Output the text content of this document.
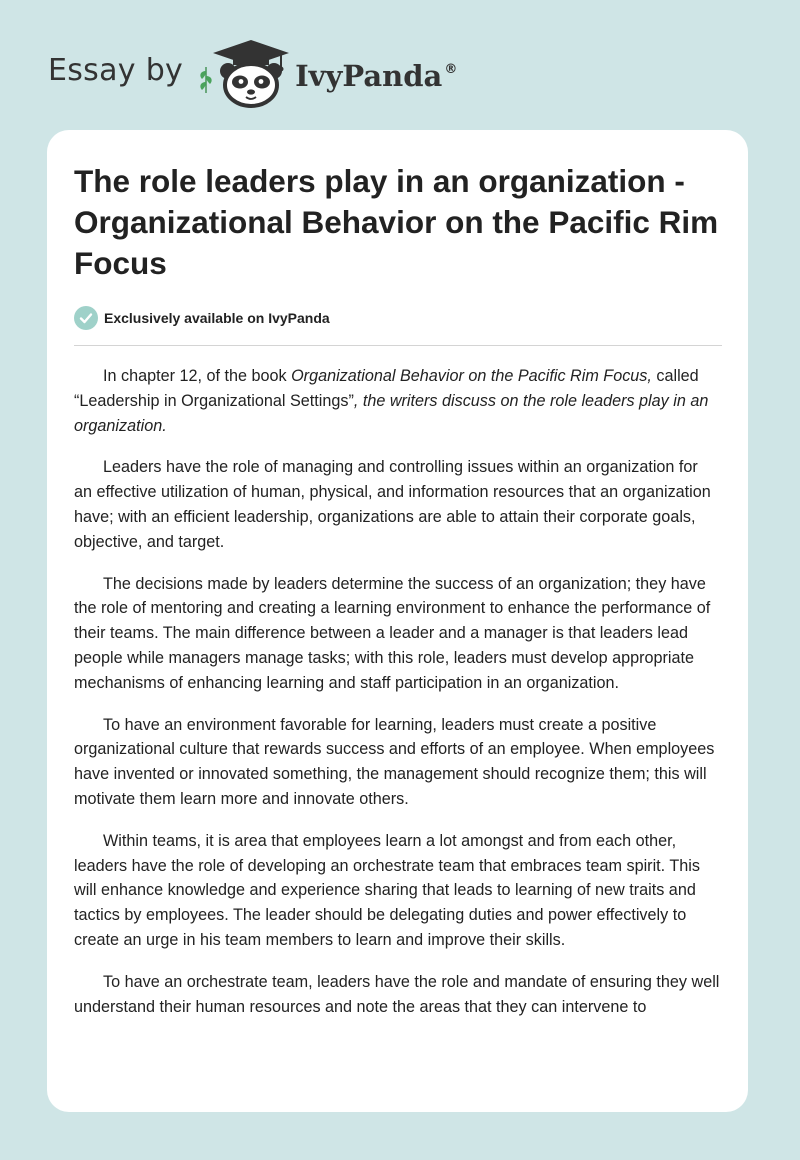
Essay by	IvyPanda ®
The role leaders play in an organization - Organizational Behavior on the Pacific Rim Focus
Exclusively available on IvyPanda

In chapter 12, of the book Organizational Behavior on the Pacific Rim Focus, called “Leadership in Organizational Settings”, the writers discuss on the role leaders play in an organization.

Leaders have the role of managing and controlling issues within an organization for an effective utilization of human, physical, and information resources that an organization have; with an efficient leadership, organizations are able to attain their corporate goals, objective, and target.

The decisions made by leaders determine the success of an organization; they have the role of mentoring and creating a learning environment to enhance the performance of their teams. The main difference between a leader and a manager is that leaders lead people while managers manage tasks; with this role, leaders must develop appropriate mechanisms of enhancing learning and staff participation in an organization.

To have an environment favorable for learning, leaders must create a positive organizational culture that rewards success and efforts of an employee. When employees have invented or innovated something, the management should recognize them; this will motivate them learn more and innovate others.

Within teams, it is area that employees learn a lot amongst and from each other, leaders have the role of developing an orchestrate team that embraces team spirit. This will enhance knowledge and experience sharing that leads to learning of new traits and tactics by employees. The leader should be delegating duties and power effectively to create an urge in his team members to learn and improve their skills.

To have an orchestrate team, leaders have the role and mandate of ensuring they well understand their human resources and note the areas that they can intervene to
